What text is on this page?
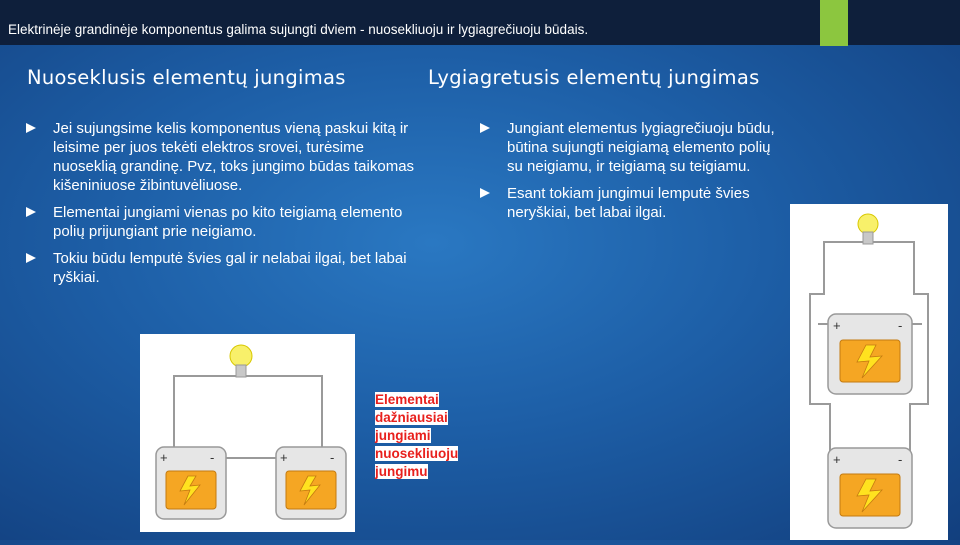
Elektrinėje grandinėje komponentus galima sujungti dviem - nuosekliuoju ir lygiagrečiuoju būdais.
Nuoseklusis elementų jungimas	Lygiagretusis elementų jungimas
Jei sujungsime kelis komponentus vieną paskui kitą ir leisime per juos tekėti elektros srovei, turėsime nuoseklią grandinę. Pvz, toks jungimo būdas taikomas kišeniniuose žibintuvėliuose.
Elementai jungiami vienas po kito teigiamą elemento polių prijungiant prie neigiamo.
Tokiu būdu lemputė švies gal ir nelabai ilgai, bet labai ryškiai.
Jungiant elementus lygiagrečiuoju būdu, būtina sujungti neigiamą elemento polių su neigiamu, ir teigiamą su teigiamu.
Esant tokiam jungimui lemputė švies neryškiai, bet labai ilgai.
+	-	+	-
+	-
+	-
Elementai dažniausiai jungiami nuosekliuoju jungimu
